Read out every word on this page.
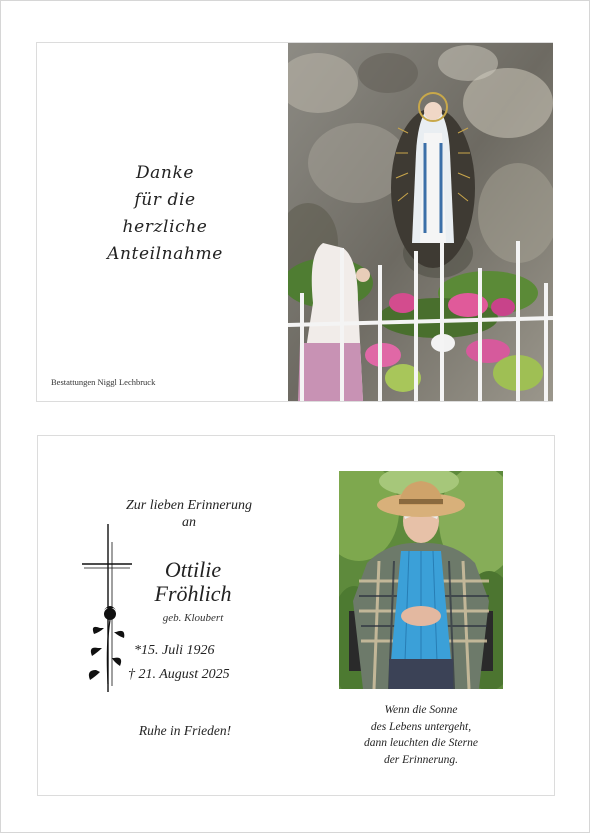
Danke
für die
herzliche
Anteilnahme
Bestattungen Niggl Lechbruck
Zur lieben Erinnerung
an
Ottilie
Fröhlich
geb. Kloubert
*15. Juli 1926
† 21. August 2025
Ruhe in Frieden!
Wenn die Sonne
des Lebens untergeht,
dann leuchten die Sterne
der Erinnerung.
